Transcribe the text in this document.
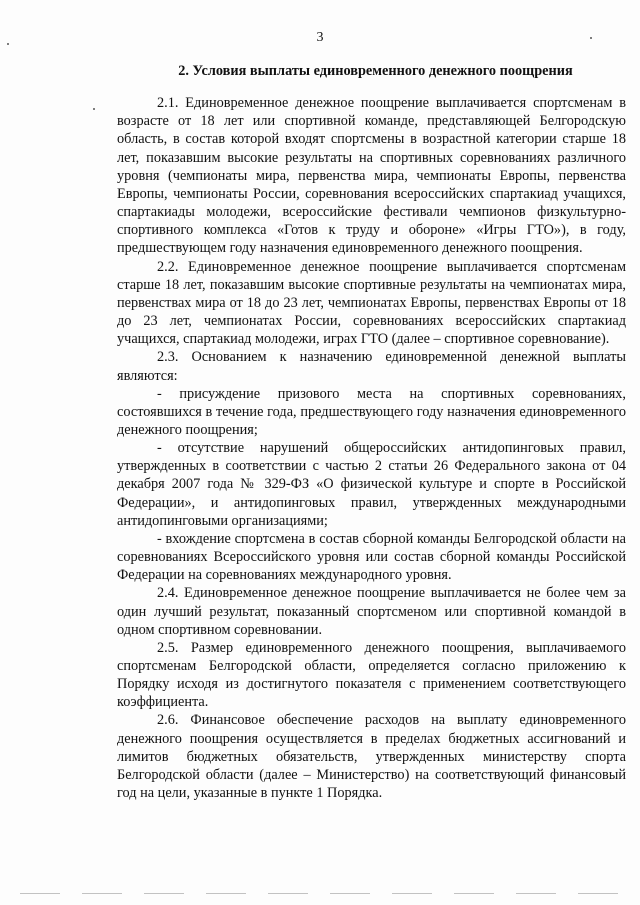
3
2. Условия выплаты единовременного денежного поощрения

2.1. Единовременное денежное поощрение выплачивается спортсменам в возрасте от 18 лет или спортивной команде, представляющей Белгородскую область, в состав которой входят спортсмены в возрастной категории старше 18 лет, показавшим высокие результаты на спортивных соревнованиях различного уровня (чемпионаты мира, первенства мира, чемпионаты Европы, первенства Европы, чемпионаты России, соревнования всероссийских спартакиад учащихся, спартакиады молодежи, всероссийские фестивали чемпионов физкультурно-спортивного комплекса «Готов к труду и обороне» «Игры ГТО»), в году, предшествующем году назначения единовременного денежного поощрения.

2.2. Единовременное денежное поощрение выплачивается спортсменам старше 18 лет, показавшим высокие спортивные результаты на чемпионатах мира, первенствах мира от 18 до 23 лет, чемпионатах Европы, первенствах Европы от 18 до 23 лет, чемпионатах России, соревнованиях всероссийских спартакиад учащихся, спартакиад молодежи, играх ГТО (далее – спортивное соревнование).

2.3. Основанием к назначению единовременной денежной выплаты являются:

- присуждение призового места на спортивных соревнованиях, состоявшихся в течение года, предшествующего году назначения единовременного денежного поощрения;

- отсутствие нарушений общероссийских антидопинговых правил, утвержденных в соответствии с частью 2 статьи 26 Федерального закона от 04 декабря 2007 года № 329-ФЗ «О физической культуре и спорте в Российской Федерации», и антидопинговых правил, утвержденных международными антидопинговыми организациями;

- вхождение спортсмена в состав сборной команды Белгородской области на соревнованиях Всероссийского уровня или состав сборной команды Российской Федерации на соревнованиях международного уровня.

2.4. Единовременное денежное поощрение выплачивается не более чем за один лучший результат, показанный спортсменом или спортивной командой в одном спортивном соревновании.

2.5. Размер единовременного денежного поощрения, выплачиваемого спортсменам Белгородской области, определяется согласно приложению к Порядку исходя из достигнутого показателя с применением соответствующего коэффициента.

2.6. Финансовое обеспечение расходов на выплату единовременного денежного поощрения осуществляется в пределах бюджетных ассигнований и лимитов бюджетных обязательств, утвержденных министерству спорта Белгородской области (далее – Министерство) на соответствующий финансовый год на цели, указанные в пункте 1 Порядка.
